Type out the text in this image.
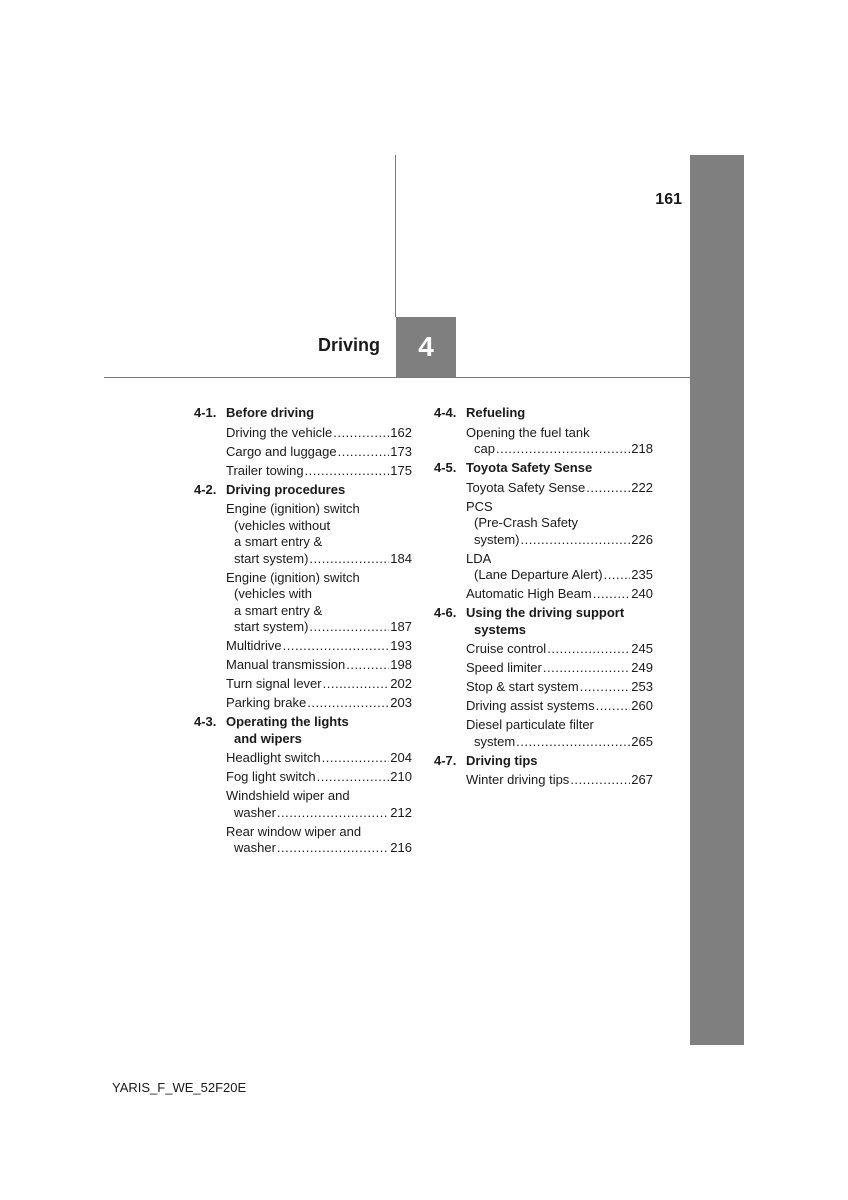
161
Driving 4
4-1. Before driving
Driving the vehicle .....	162
Cargo and luggage .....	173
Trailer towing .....	175
4-2. Driving procedures
Engine (ignition) switch
(vehicles without
a smart entry &
start system) .....	184
Engine (ignition) switch
(vehicles with
a smart entry &
start system) .....	187
Multidrive .....	193
Manual transmission .....	198
Turn signal lever .....	202
Parking brake .....	203
4-3. Operating the lights
and wipers
Headlight switch .....	204
Fog light switch .....	210
Windshield wiper and
washer .....	212
Rear window wiper and
washer .....	216
4-4. Refueling
Opening the fuel tank
cap .....	218
4-5. Toyota Safety Sense
Toyota Safety Sense .....	222
PCS
(Pre-Crash Safety
system) .....	226
LDA
(Lane Departure Alert) ..... 235
Automatic High Beam .....	240
4-6. Using the driving support
systems
Cruise control .....	245
Speed limiter .....	249
Stop & start system .....	253
Driving assist systems .....	260
Diesel particulate filter
system .....	265
4-7. Driving tips
Winter driving tips .....	267
YARIS_F_WE_52F20E
